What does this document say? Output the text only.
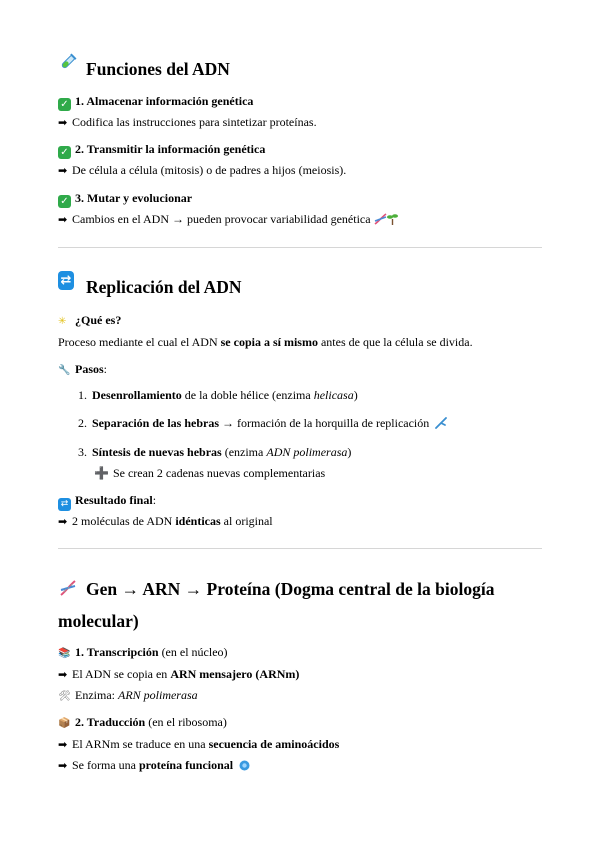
Funciones del ADN
✓ 1. Almacenar información genética
➡ Codifica las instrucciones para sintetizar proteínas.
✓ 2. Transmitir la información genética
➡ De célula a célula (mitosis) o de padres a hijos (meiosis).
✓ 3. Mutar y evolucionar
➡ Cambios en el ADN → pueden provocar variabilidad genética
⇄ Replicación del ADN
✳ ¿Qué es?
Proceso mediante el cual el ADN se copia a sí mismo antes de que la célula se divida.
🔧 Pasos:
1. Desenrollamiento de la doble hélice (enzima helicasa)
2. Separación de las hebras → formación de la horquilla de replicación
3. Síntesis de nuevas hebras (enzima ADN polimerasa)
➕ Se crean 2 cadenas nuevas complementarias
⇄ Resultado final:
➡ 2 moléculas de ADN idénticas al original
Gen → ARN → Proteína (Dogma central de la biología
molecular)
📚 1. Transcripción (en el núcleo)
➡ El ADN se copia en ARN mensajero (ARNm)
🛠 Enzima: ARN polimerasa
📦 2. Traducción (en el ribosoma)
➡ El ARNm se traduce en una secuencia de aminoácidos
➡ Se forma una proteína funcional
